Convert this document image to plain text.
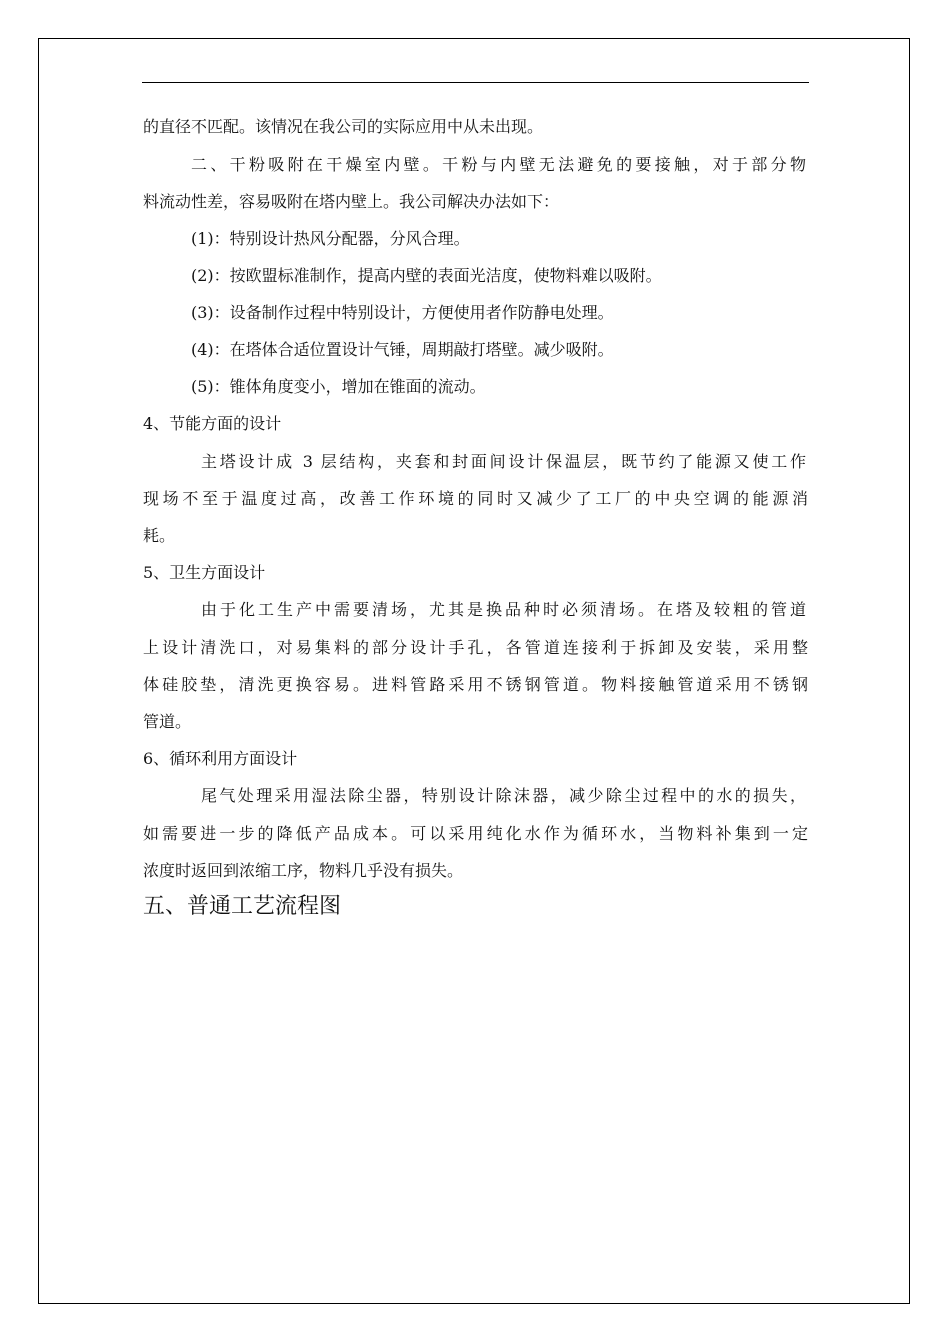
的直径不匹配。该情况在我公司的实际应用中从未出现。

二、干粉吸附在干燥室内壁。干粉与内壁无法避免的要接触，对于部分物

料流动性差，容易吸附在塔内壁上。我公司解决办法如下：

(1)：特别设计热风分配器，分风合理。

(2)：按欧盟标准制作，提高内壁的表面光洁度，使物料难以吸附。

(3)：设备制作过程中特别设计，方便使用者作防静电处理。

(4)：在塔体合适位置设计气锤，周期敲打塔壁。减少吸附。

(5)：锥体角度变小，增加在锥面的流动。

4、节能方面的设计

主塔设计成 3 层结构，夹套和封面间设计保温层，既节约了能源又使工作

现场不至于温度过高，改善工作环境的同时又减少了工厂的中央空调的能源消

耗。

5、卫生方面设计

由于化工生产中需要清场，尤其是换品种时必须清场。在塔及较粗的管道

上设计清洗口，对易集料的部分设计手孔，各管道连接利于拆卸及安装，采用整

体硅胶垫，清洗更换容易。进料管路采用不锈钢管道。物料接触管道采用不锈钢

管道。

6、循环利用方面设计

尾气处理采用湿法除尘器，特别设计除沫器，减少除尘过程中的水的损失，

如需要进一步的降低产品成本。可以采用纯化水作为循环水，当物料补集到一定

浓度时返回到浓缩工序，物料几乎没有损失。

五、普通工艺流程图
